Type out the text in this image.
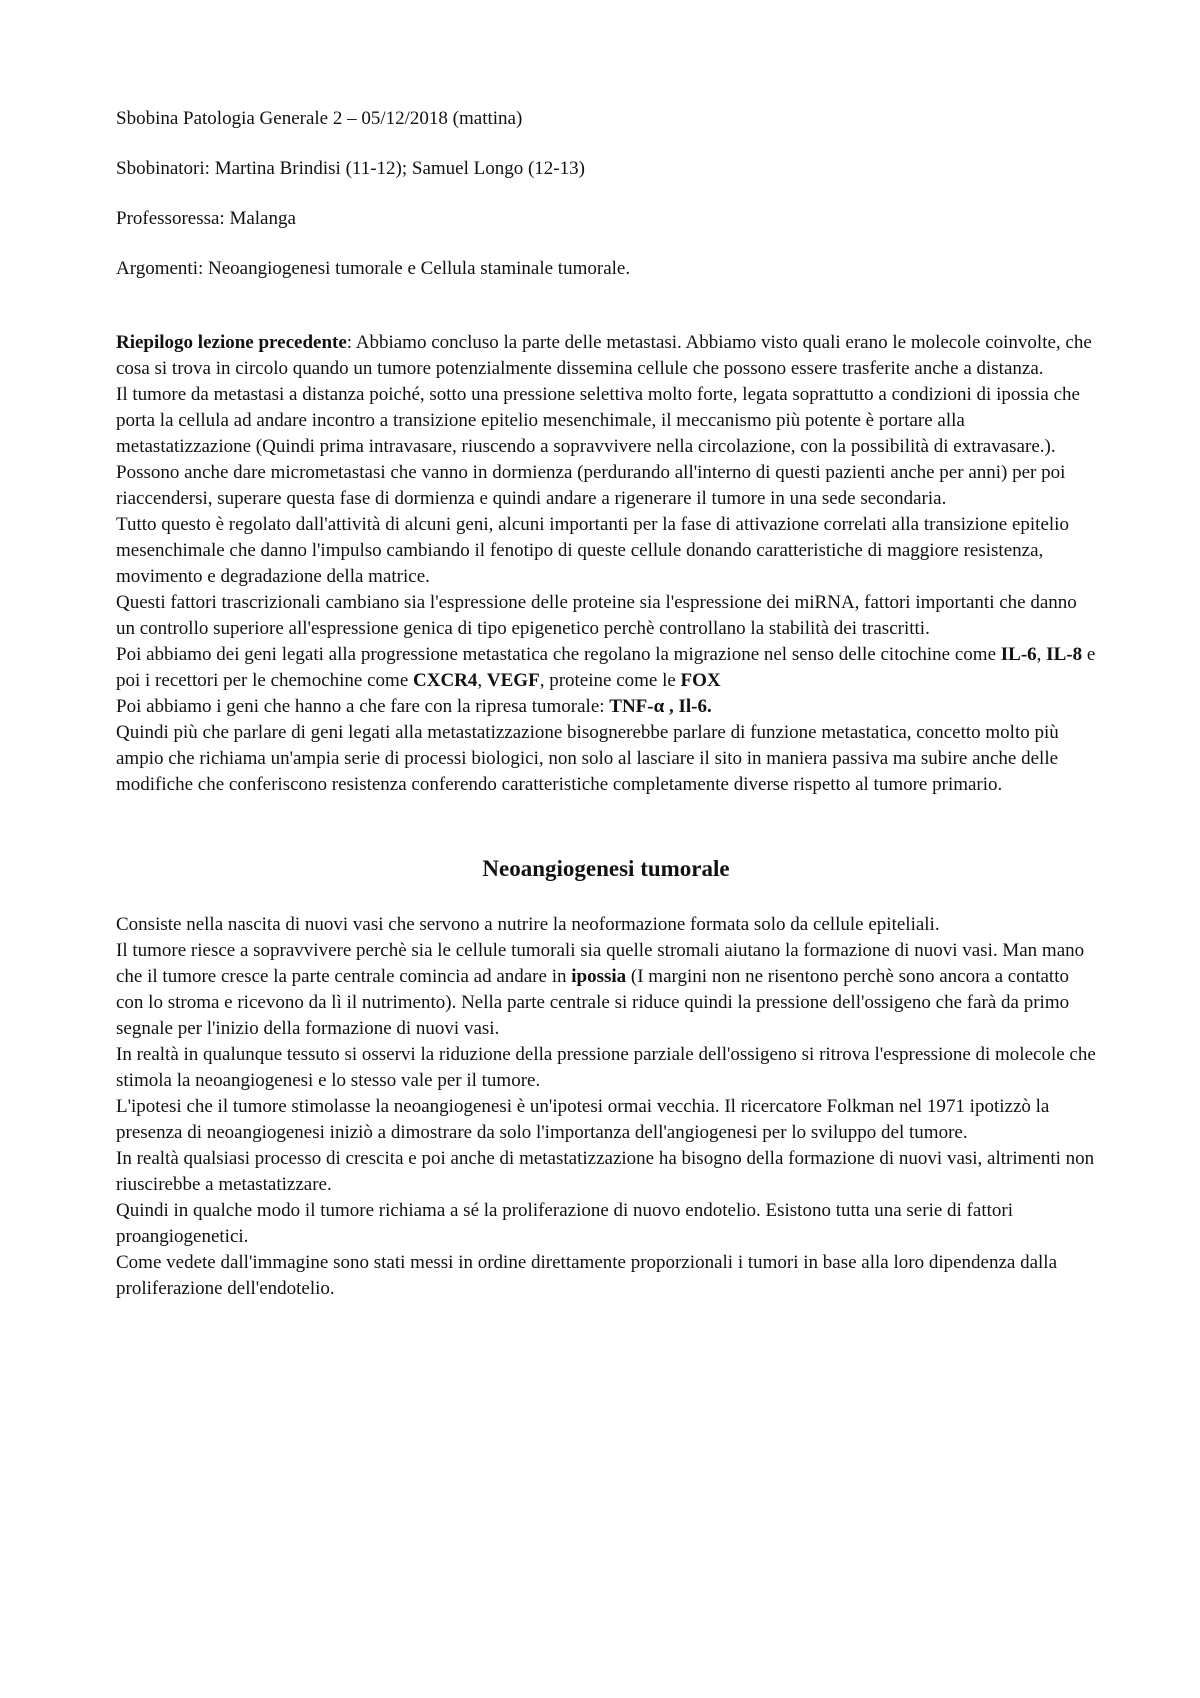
Sbobina Patologia Generale 2 – 05/12/2018 (mattina)

Sbobinatori: Martina Brindisi (11-12); Samuel Longo (12-13)

Professoressa: Malanga

Argomenti: Neoangiogenesi tumorale e Cellula staminale tumorale.

Riepilogo lezione precedente: Abbiamo concluso la parte delle metastasi. Abbiamo visto quali erano le molecole coinvolte, che cosa si trova in circolo quando un tumore potenzialmente dissemina cellule che possono essere trasferite anche a distanza.

Il tumore da metastasi a distanza poiché, sotto una pressione selettiva molto forte, legata soprattutto a condizioni di ipossia che porta la cellula ad andare incontro a transizione epitelio mesenchimale, il meccanismo più potente è portare alla metastatizzazione (Quindi prima intravasare, riuscendo a sopravvivere nella circolazione, con la possibilità di extravasare.).

Possono anche dare micrometastasi che vanno in dormienza (perdurando all'interno di questi pazienti anche per anni) per poi riaccendersi, superare questa fase di dormienza e quindi andare a rigenerare il tumore in una sede secondaria.

Tutto questo è regolato dall'attività di alcuni geni, alcuni importanti per la fase di attivazione correlati alla transizione epitelio mesenchimale che danno l'impulso cambiando il fenotipo di queste cellule donando caratteristiche di maggiore resistenza, movimento e degradazione della matrice.

Questi fattori trascrizionali cambiano sia l'espressione delle proteine sia l'espressione dei miRNA, fattori importanti che danno un controllo superiore all'espressione genica di tipo epigenetico perchè controllano la stabilità dei trascritti.

Poi abbiamo dei geni legati alla progressione metastatica che regolano la migrazione nel senso delle citochine come IL-6, IL-8 e poi i recettori per le chemochine come CXCR4, VEGF, proteine come le FOX

Poi abbiamo i geni che hanno a che fare con la ripresa tumorale: TNF-α , Il-6.

Quindi più che parlare di geni legati alla metastatizzazione bisognerebbe parlare di funzione metastatica, concetto molto più ampio che richiama un'ampia serie di processi biologici, non solo al lasciare il sito in maniera passiva ma subire anche delle modifiche che conferiscono resistenza conferendo caratteristiche completamente diverse rispetto al tumore primario.

Neoangiogenesi tumorale

Consiste nella nascita di nuovi vasi che servono a nutrire la neoformazione formata solo da cellule epiteliali.

Il tumore riesce a sopravvivere perchè sia le cellule tumorali sia quelle stromali aiutano la formazione di nuovi vasi. Man mano che il tumore cresce la parte centrale comincia ad andare in ipossia (I margini non ne risentono perchè sono ancora a contatto con lo stroma e ricevono da lì il nutrimento). Nella parte centrale si riduce quindi la pressione dell'ossigeno che farà da primo segnale per l'inizio della formazione di nuovi vasi.

In realtà in qualunque tessuto si osservi la riduzione della pressione parziale dell'ossigeno si ritrova l'espressione di molecole che stimola la neoangiogenesi e lo stesso vale per il tumore.

L'ipotesi che il tumore stimolasse la neoangiogenesi è un'ipotesi ormai vecchia. Il ricercatore Folkman nel 1971 ipotizzò la presenza di neoangiogenesi iniziò a dimostrare da solo l'importanza dell'angiogenesi per lo sviluppo del tumore.

In realtà qualsiasi processo di crescita e poi anche di metastatizzazione ha bisogno della formazione di nuovi vasi, altrimenti non riuscirebbe a metastatizzare.

Quindi in qualche modo il tumore richiama a sé la proliferazione di nuovo endotelio. Esistono tutta una serie di fattori proangiogenetici.

Come vedete dall'immagine sono stati messi in ordine direttamente proporzionali i tumori in base alla loro dipendenza dalla proliferazione dell'endotelio.
